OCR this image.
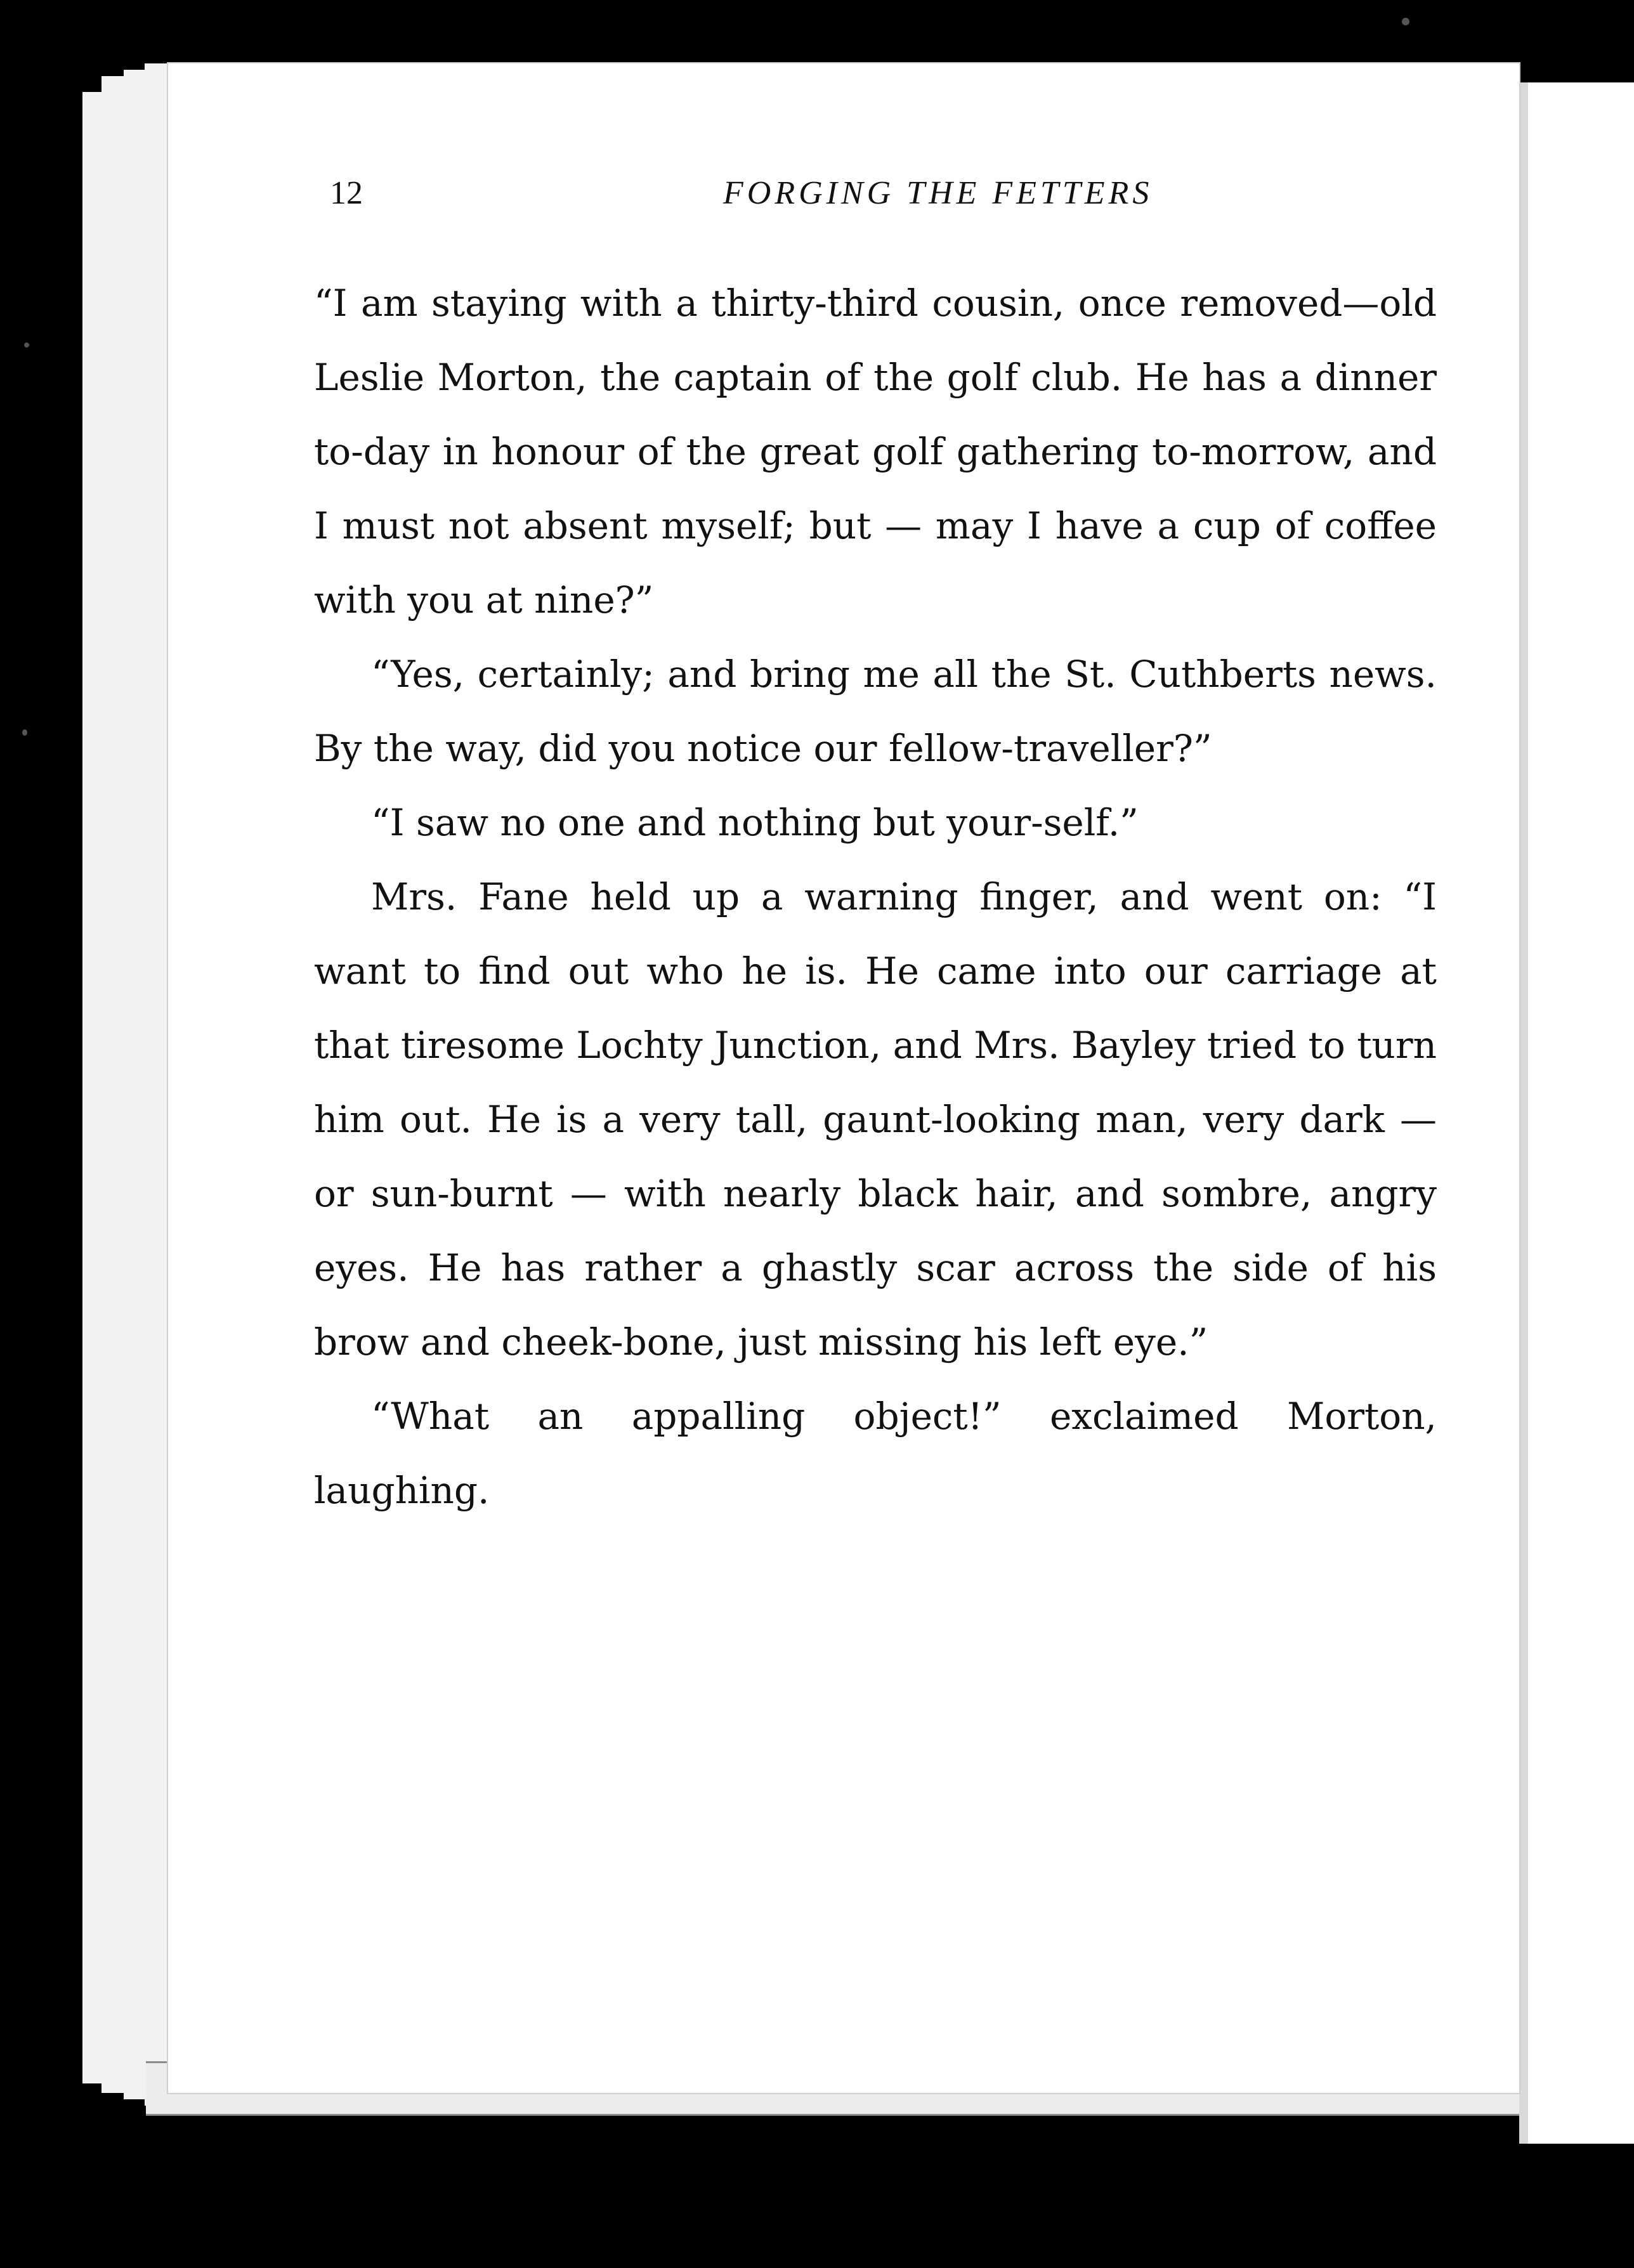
12	FORGING THE FETTERS

“I am staying with a thirty-third cousin, once removed—old Leslie Morton, the captain of the golf club. He has a dinner to-day in honour of the great golf gathering to-morrow, and I must not absent myself; but — may I have a cup of coffee with you at nine?”

“Yes, certainly; and bring me all the St. Cuthberts news. By the way, did you notice our fellow-traveller?”

“I saw no one and nothing but your-self.”

Mrs. Fane held up a warning finger, and went on: “I want to find out who he is. He came into our carriage at that tiresome Lochty Junction, and Mrs. Bayley tried to turn him out. He is a very tall, gaunt-looking man, very dark —or sun-burnt — with nearly black hair, and sombre, angry eyes. He has rather a ghastly scar across the side of his brow and cheek-bone, just missing his left eye.”

“What an appalling object!” exclaimed Morton, laughing.
